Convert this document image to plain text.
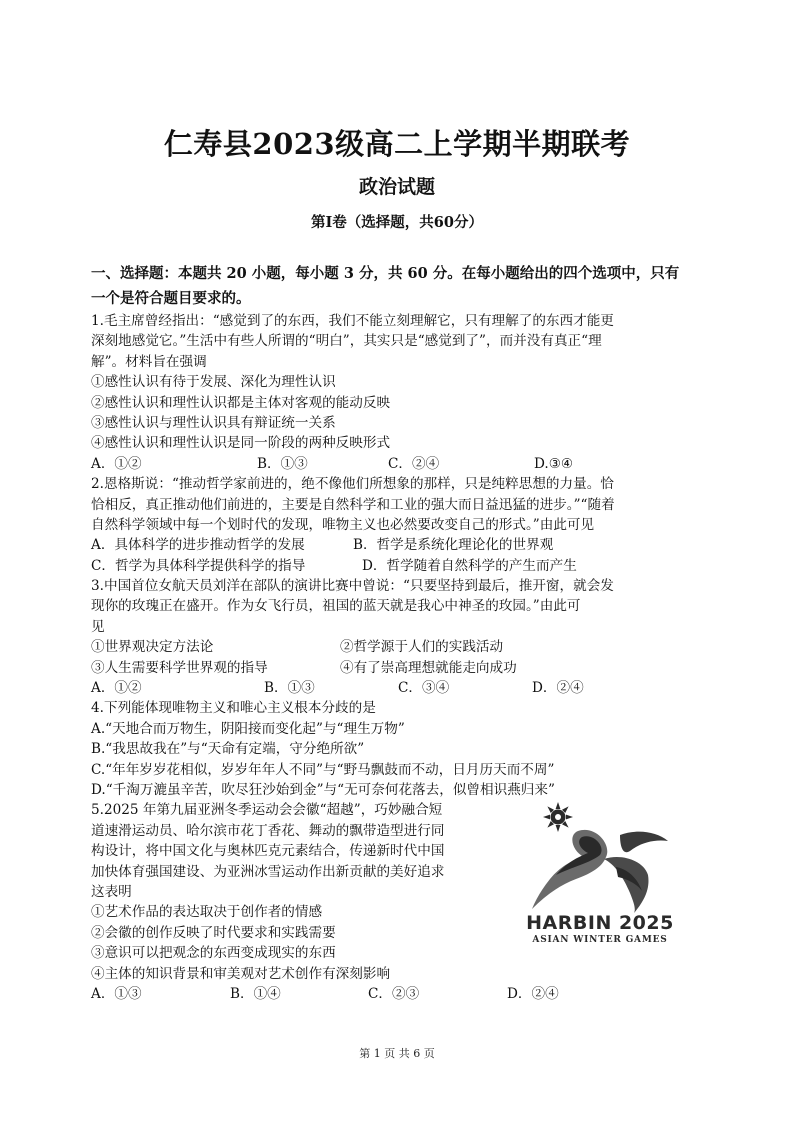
仁寿县2023级高二上学期半期联考
政治试题
第Ⅰ卷（选择题，共60分）
一、选择题：本题共 20 小题，每小题 3 分，共 60 分。在每小题给出的四个选项中，只有
一个是符合题目要求的。
1.毛主席曾经指出：“感觉到了的东西，我们不能立刻理解它，只有理解了的东西才能更
深刻地感觉它。”生活中有些人所谓的“明白”，其实只是“感觉到了”，而并没有真正“理
解”。材料旨在强调
①感性认识有待于发展、深化为理性认识
②感性认识和理性认识都是主体对客观的能动反映
③感性认识与理性认识具有辩证统一关系
④感性认识和理性认识是同一阶段的两种反映形式
A．①②	B．①③	C．②④	D.③④
2.恩格斯说：“推动哲学家前进的，绝不像他们所想象的那样，只是纯粹思想的力量。恰
恰相反，真正推动他们前进的，主要是自然科学和工业的强大而日益迅猛的进步。”“随着
自然科学领域中每一个划时代的发现，唯物主义也必然要改变自己的形式。”由此可见
A．具体科学的进步推动哲学的发展	B．哲学是系统化理论化的世界观
C．哲学为具体科学提供科学的指导	D．哲学随着自然科学的产生而产生
3.中国首位女航天员刘洋在部队的演讲比赛中曾说：“只要坚持到最后，推开窗，就会发
现你的玫瑰正在盛开。作为女飞行员，祖国的蓝天就是我心中神圣的玫园。”由此可
见
①世界观决定方法论	②哲学源于人们的实践活动
③人生需要科学世界观的指导	④有了崇高理想就能走向成功
A．①②	B．①③	C．③④	D．②④
4.下列能体现唯物主义和唯心主义根本分歧的是
A.“天地合而万物生，阴阳接而变化起”与“理生万物”
B.“我思故我在”与“天命有定端，守分绝所欲”
C.“年年岁岁花相似，岁岁年年人不同”与“野马飘鼓而不动，日月历天而不周”
D.“千淘万漉虽辛苦，吹尽狂沙始到金”与“无可奈何花落去，似曾相识燕归来”
5.2025 年第九届亚洲冬季运动会会徽“超越”，巧妙融合短
道速滑运动员、哈尔滨市花丁香花、舞动的飘带造型进行同
构设计，将中国文化与奥林匹克元素结合，传递新时代中国
加快体育强国建设、为亚洲冰雪运动作出新贡献的美好追求
这表明
①艺术作品的表达取决于创作者的情感
②会徽的创作反映了时代要求和实践需要
③意识可以把观念的东西变成现实的东西
④主体的知识背景和审美观对艺术创作有深刻影响
A．①③	B．①④	C．②③	D．②④
HARBIN 2025
ASIAN WINTER GAMES
第 1 页 共 6 页
